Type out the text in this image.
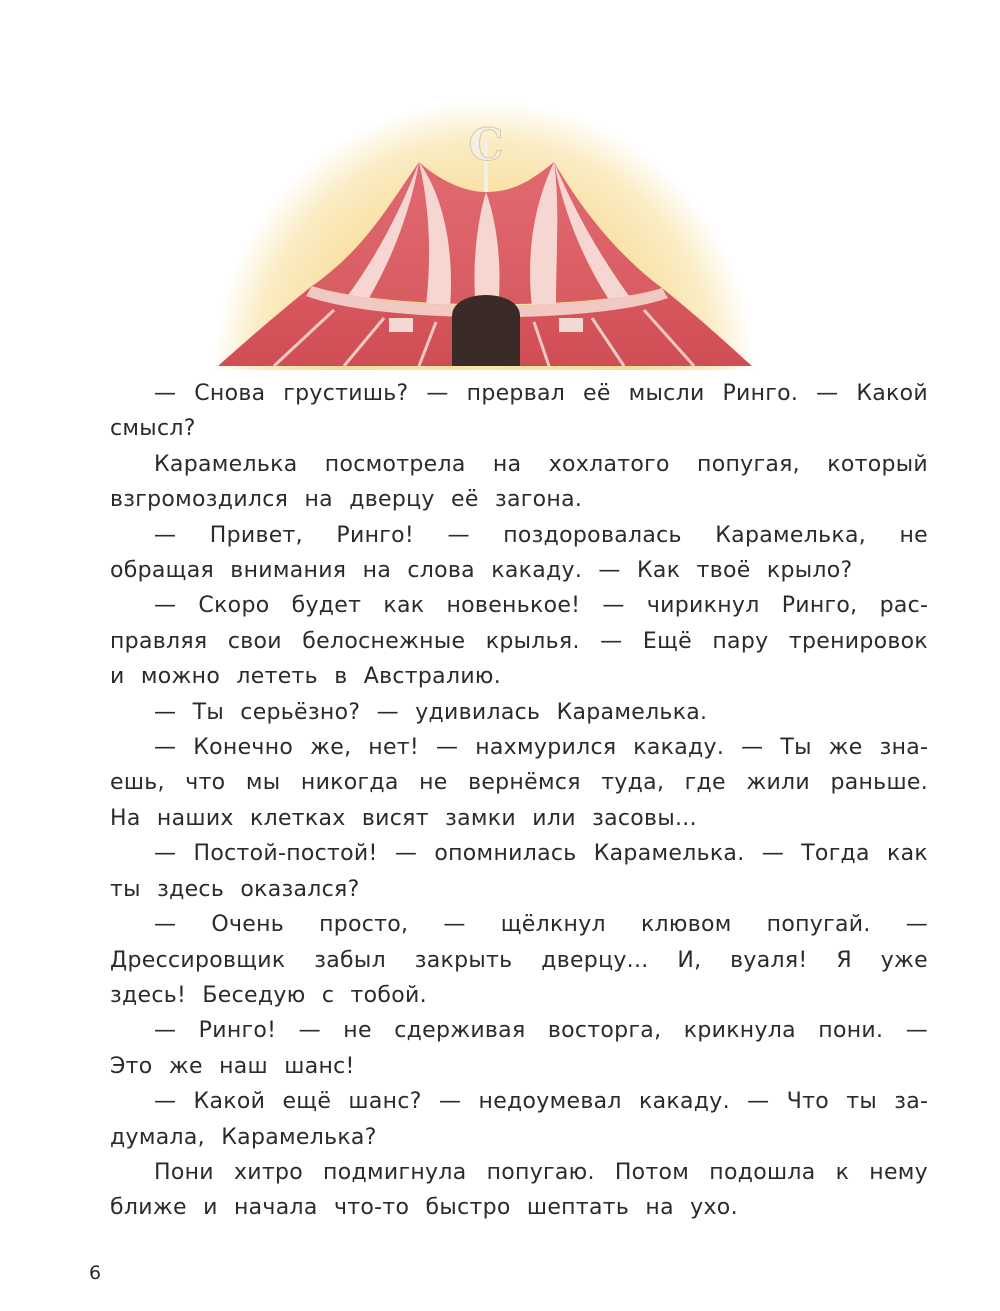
C

— Снова грустишь? — прервал её мысли Ринго. — Какой смысл?

Карамелька посмотрела на хохлатого попугая, который взгромоздился на дверцу её загона.

— Привет, Ринго! — поздоровалась Карамелька, не обращая внимания на слова какаду. — Как твоё крыло?

— Скоро будет как новенькое! — чирикнул Ринго, расправляя свои белоснежные крылья. — Ещё пару тренировок и можно лететь в Австралию.

— Ты серьёзно? — удивилась Карамелька.

— Конечно же, нет! — нахмурился какаду. — Ты же знаешь, что мы никогда не вернёмся туда, где жили раньше. На наших клетках висят замки или засовы...

— Постой-постой! — опомнилась Карамелька. — Тогда как ты здесь оказался?

— Очень просто, — щёлкнул клювом попугай. — Дрессировщик забыл закрыть дверцу... И, вуаля! Я уже здесь! Беседую с тобой.

— Ринго! — не сдерживая восторга, крикнула пони. — Это же наш шанс!

— Какой ещё шанс? — недоумевал какаду. — Что ты задумала, Карамелька?

Пони хитро подмигнула попугаю. Потом подошла к нему ближе и начала что-то быстро шептать на ухо.

6
